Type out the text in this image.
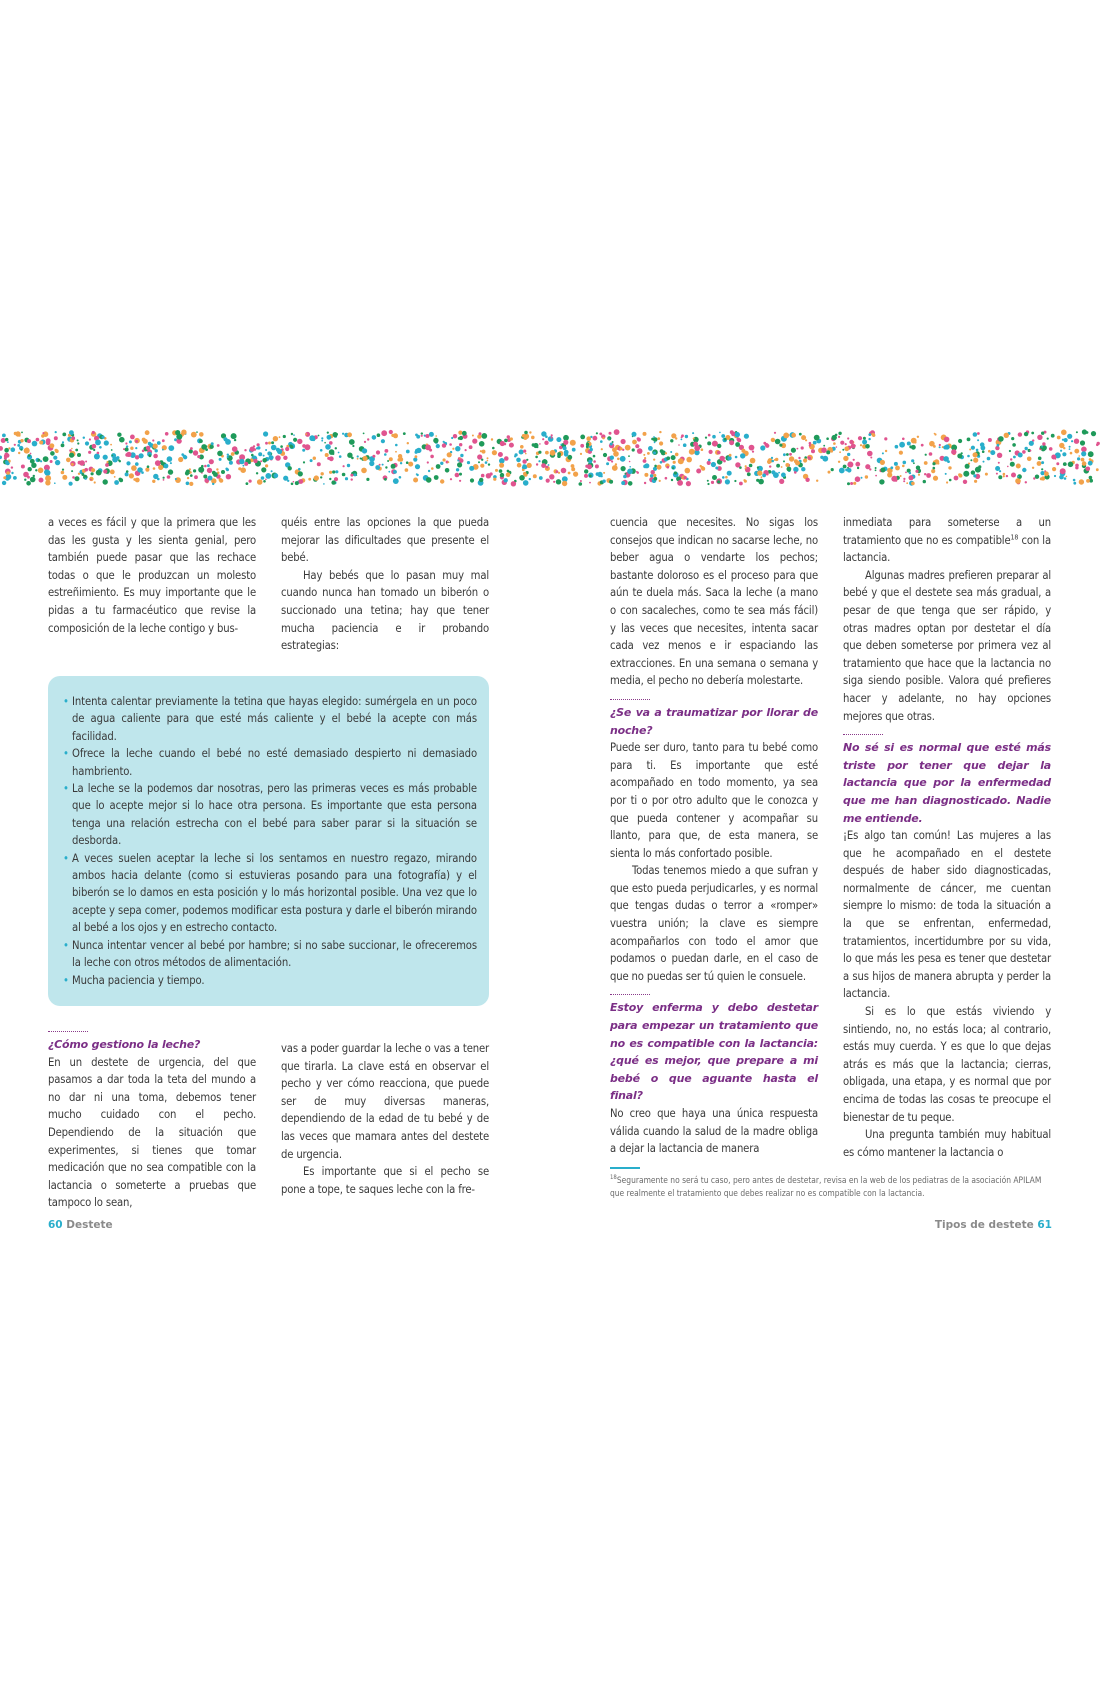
a veces es fácil y que la primera que les das les gusta y les sienta genial, pero también puede pasar que las rechace todas o que le produzcan un molesto estreñimiento. Es muy importante que le pidas a tu farmacéutico que revise la composición de la leche contigo y bus-

quéis entre las opciones la que pueda mejorar las dificultades que presente el bebé.

Hay bebés que lo pasan muy mal cuando nunca han tomado un biberón o succionado una tetina; hay que tener mucha paciencia e ir probando estrategias:

• Intenta calentar previamente la tetina que hayas elegido: sumérgela en un poco de agua caliente para que esté más caliente y el bebé la acepte con más facilidad.
• Ofrece la leche cuando el bebé no esté demasiado despierto ni demasiado hambriento.
• La leche se la podemos dar nosotras, pero las primeras veces es más probable que lo acepte mejor si lo hace otra persona. Es importante que esta persona tenga una relación estrecha con el bebé para saber parar si la situación se desborda.
• A veces suelen aceptar la leche si los sentamos en nuestro regazo, mirando ambos hacia delante (como si estuvieras posando para una fotografía) y el biberón se lo damos en esta posición y lo más horizontal posible. Una vez que lo acepte y sepa comer, podemos modificar esta postura y darle el biberón mirando al bebé a los ojos y en estrecho contacto.
• Nunca intentar vencer al bebé por hambre; si no sabe succionar, le ofreceremos la leche con otros métodos de alimentación.
• Mucha paciencia y tiempo.

¿Cómo gestiono la leche?

En un destete de urgencia, del que pasamos a dar toda la teta del mundo a no dar ni una toma, debemos tener mucho cuidado con el pecho. Dependiendo de la situación que experimentes, si tienes que tomar medicación que no sea compatible con la lactancia o someterte a pruebas que tampoco lo sean,

vas a poder guardar la leche o vas a tener que tirarla. La clave está en observar el pecho y ver cómo reacciona, que puede ser de muy diversas maneras, dependiendo de la edad de tu bebé y de las veces que mamara antes del destete de urgencia.

Es importante que si el pecho se pone a tope, te saques leche con la fre-

cuencia que necesites. No sigas los consejos que indican no sacarse leche, no beber agua o vendarte los pechos; bastante doloroso es el proceso para que aún te duela más. Saca la leche (a mano o con sacaleches, como te sea más fácil) y las veces que necesites, intenta sacar cada vez menos e ir espaciando las extracciones. En una semana o semana y media, el pecho no debería molestarte.

¿Se va a traumatizar por llorar de noche?

Puede ser duro, tanto para tu bebé como para ti. Es importante que esté acompañado en todo momento, ya sea por ti o por otro adulto que le conozca y que pueda contener y acompañar su llanto, para que, de esta manera, se sienta lo más confortado posible.

Todas tenemos miedo a que sufran y que esto pueda perjudicarles, y es normal que tengas dudas o terror a «romper» vuestra unión; la clave es siempre acompañarlos con todo el amor que podamos o puedan darle, en el caso de que no puedas ser tú quien le consuele.

Estoy enferma y debo destetar para empezar un tratamiento que no es compatible con la lactancia: ¿qué es mejor, que prepare a mi bebé o que aguante hasta el final?

No creo que haya una única respuesta válida cuando la salud de la madre obliga a dejar la lactancia de manera

inmediata para someterse a un tratamiento que no es compatible$^{18}$ con la lactancia.

Algunas madres prefieren preparar al bebé y que el destete sea más gradual, a pesar de que tenga que ser rápido, y otras madres optan por destetar el día que deben someterse por primera vez al tratamiento que hace que la lactancia no siga siendo posible. Valora qué prefieres hacer y adelante, no hay opciones mejores que otras.

No sé si es normal que esté más triste por tener que dejar la lactancia que por la enfermedad que me han diagnosticado. Nadie me entiende.

¡Es algo tan común! Las mujeres a las que he acompañado en el destete después de haber sido diagnosticadas, normalmente de cáncer, me cuentan siempre lo mismo: de toda la situación a la que se enfrentan, enfermedad, tratamientos, incertidumbre por su vida, lo que más les pesa es tener que destetar a sus hijos de manera abrupta y perder la lactancia.

Si es lo que estás viviendo y sintiendo, no, no estás loca; al contrario, estás muy cuerda. Y es que lo que dejas atrás es más que la lactancia; cierras, obligada, una etapa, y es normal que por encima de todas las cosas te preocupe el bienestar de tu peque.

Una pregunta también muy habitual es cómo mantener la lactancia o

$^{18}$Seguramente no será tu caso, pero antes de destetar, revisa en la web de los pediatras de la asociación APILAM que realmente el tratamiento que debes realizar no es compatible con la lactancia.
60 Destete	Tipos de destete 61
